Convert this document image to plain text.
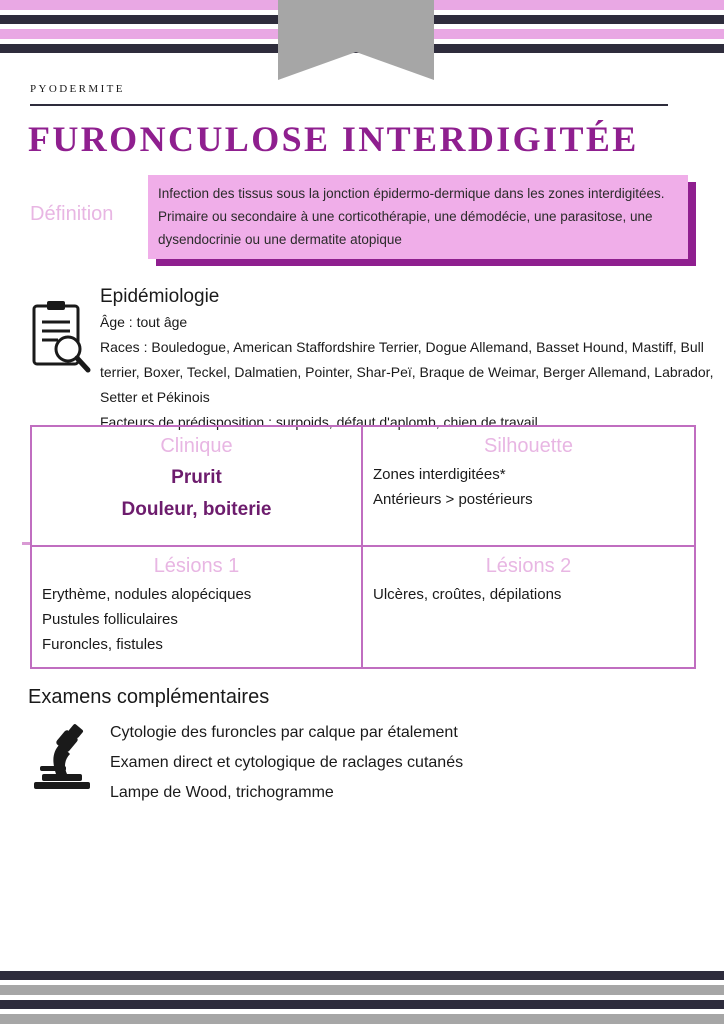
PYODERMITE
FURONCULOSE INTERDIGITÉE
Définition
Infection des tissus sous la jonction épidermo-dermique dans les zones interdigitées. Primaire ou secondaire à une corticothérapie, une démodécie, une parasitose, une dysendocrinie ou une dermatite atopique
Epidémiologie
Âge : tout âge
Races : Bouledogue, American Staffordshire Terrier, Dogue Allemand, Basset Hound, Mastiff, Bull terrier, Boxer, Teckel, Dalmatien, Pointer, Shar-Peï, Braque de Weimar, Berger Allemand, Labrador, Setter et Pékinois
Facteurs de prédisposition : surpoids, défaut d'aplomb, chien de travail
Clinique
Prurit
Douleur, boiterie
Silhouette
Zones interdigitées*
Antérieurs > postérieurs
Lésions 1
Erythème, nodules alopéciques
Pustules folliculaires
Furoncles, fistules
Lésions 2
Ulcères, croûtes, dépilations
Examens complémentaires
Cytologie des furoncles par calque par étalement
Examen direct et cytologique de raclages cutanés
Lampe de Wood, trichogramme
